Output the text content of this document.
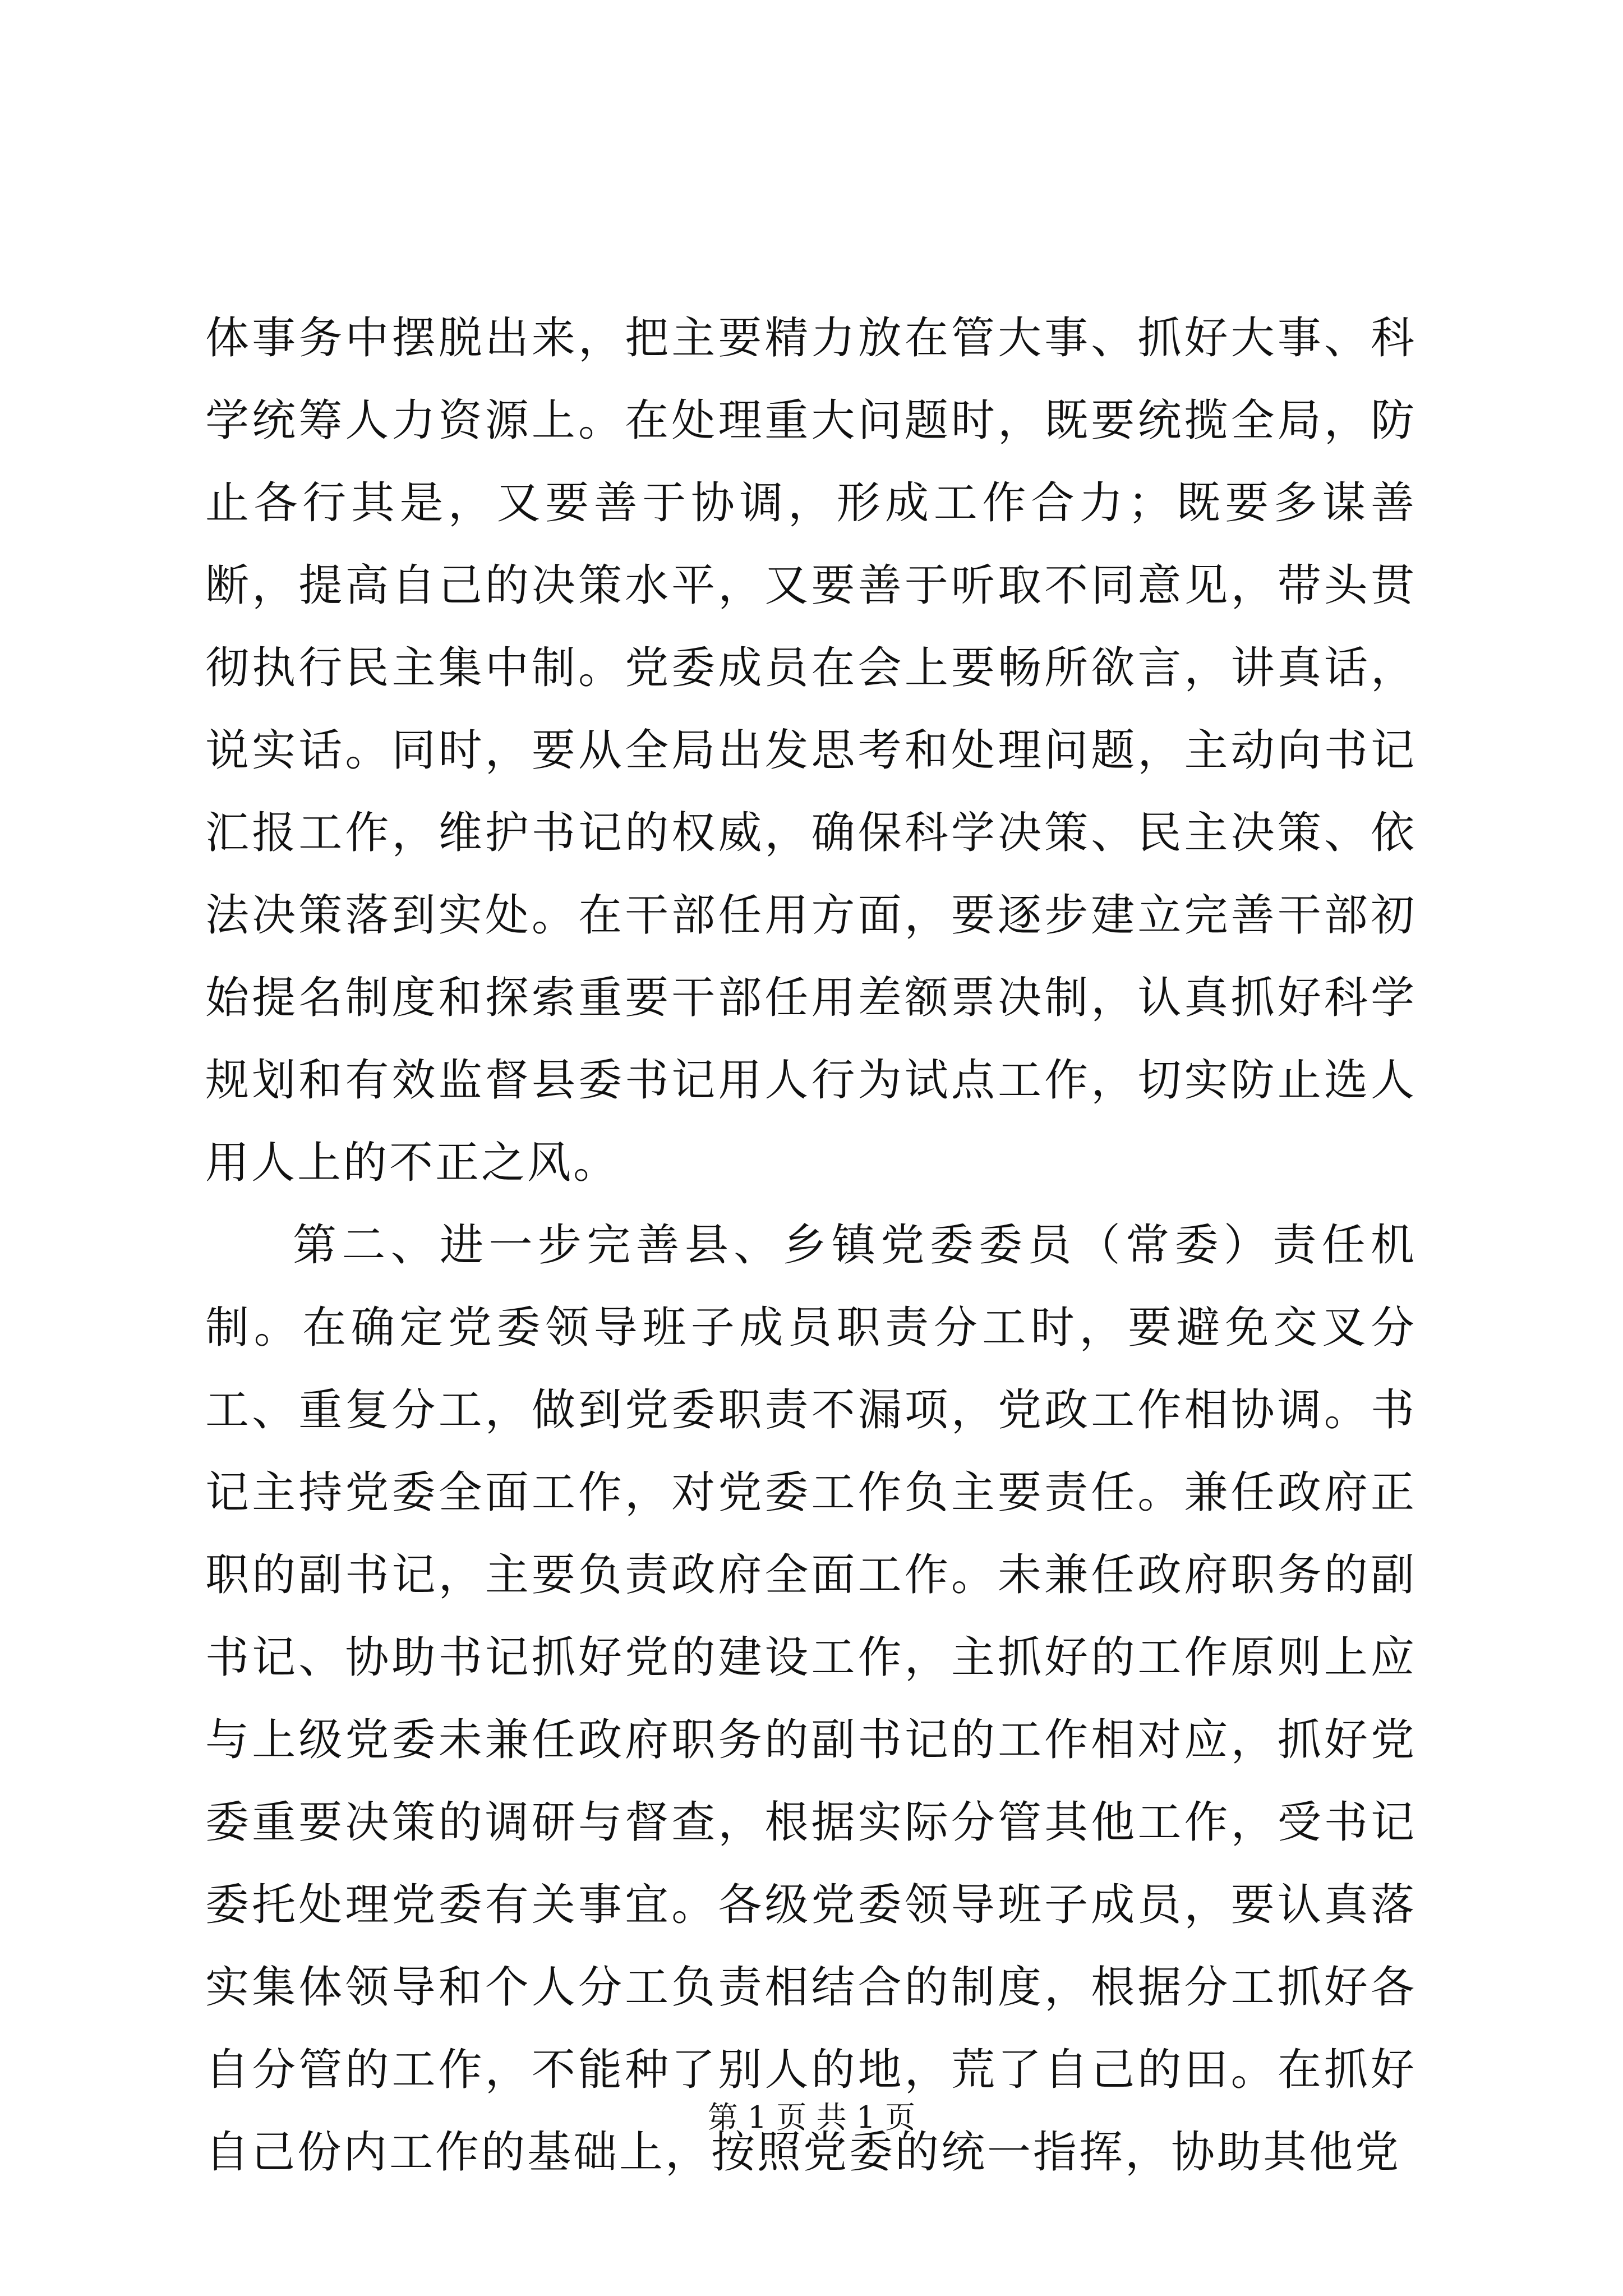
体事务中摆脱出来，把主要精力放在管大事、抓好大事、科学统筹人力资源上。在处理重大问题时，既要统揽全局，防止各行其是，又要善于协调，形成工作合力；既要多谋善断，提高自己的决策水平，又要善于听取不同意见，带头贯彻执行民主集中制。党委成员在会上要畅所欲言，讲真话，说实话。同时，要从全局出发思考和处理问题，主动向书记汇报工作，维护书记的权威，确保科学决策、民主决策、依法决策落到实处。在干部任用方面，要逐步建立完善干部初始提名制度和探索重要干部任用差额票决制，认真抓好科学规划和有效监督县委书记用人行为试点工作，切实防止选人用人上的不正之风。

第二、进一步完善县、乡镇党委委员（常委）责任机制。在确定党委领导班子成员职责分工时，要避免交叉分工、重复分工，做到党委职责不漏项，党政工作相协调。书记主持党委全面工作，对党委工作负主要责任。兼任政府正职的副书记，主要负责政府全面工作。未兼任政府职务的副书记、协助书记抓好党的建设工作，主抓好的工作原则上应与上级党委未兼任政府职务的副书记的工作相对应，抓好党委重要决策的调研与督查，根据实际分管其他工作，受书记委托处理党委有关事宜。各级党委领导班子成员，要认真落实集体领导和个人分工负责相结合的制度，根据分工抓好各自分管的工作，不能种了别人的地，荒了自己的田。在抓好自己份内工作的基础上，按照党委的统一指挥，协助其他党

第 1 页 共 1 页
